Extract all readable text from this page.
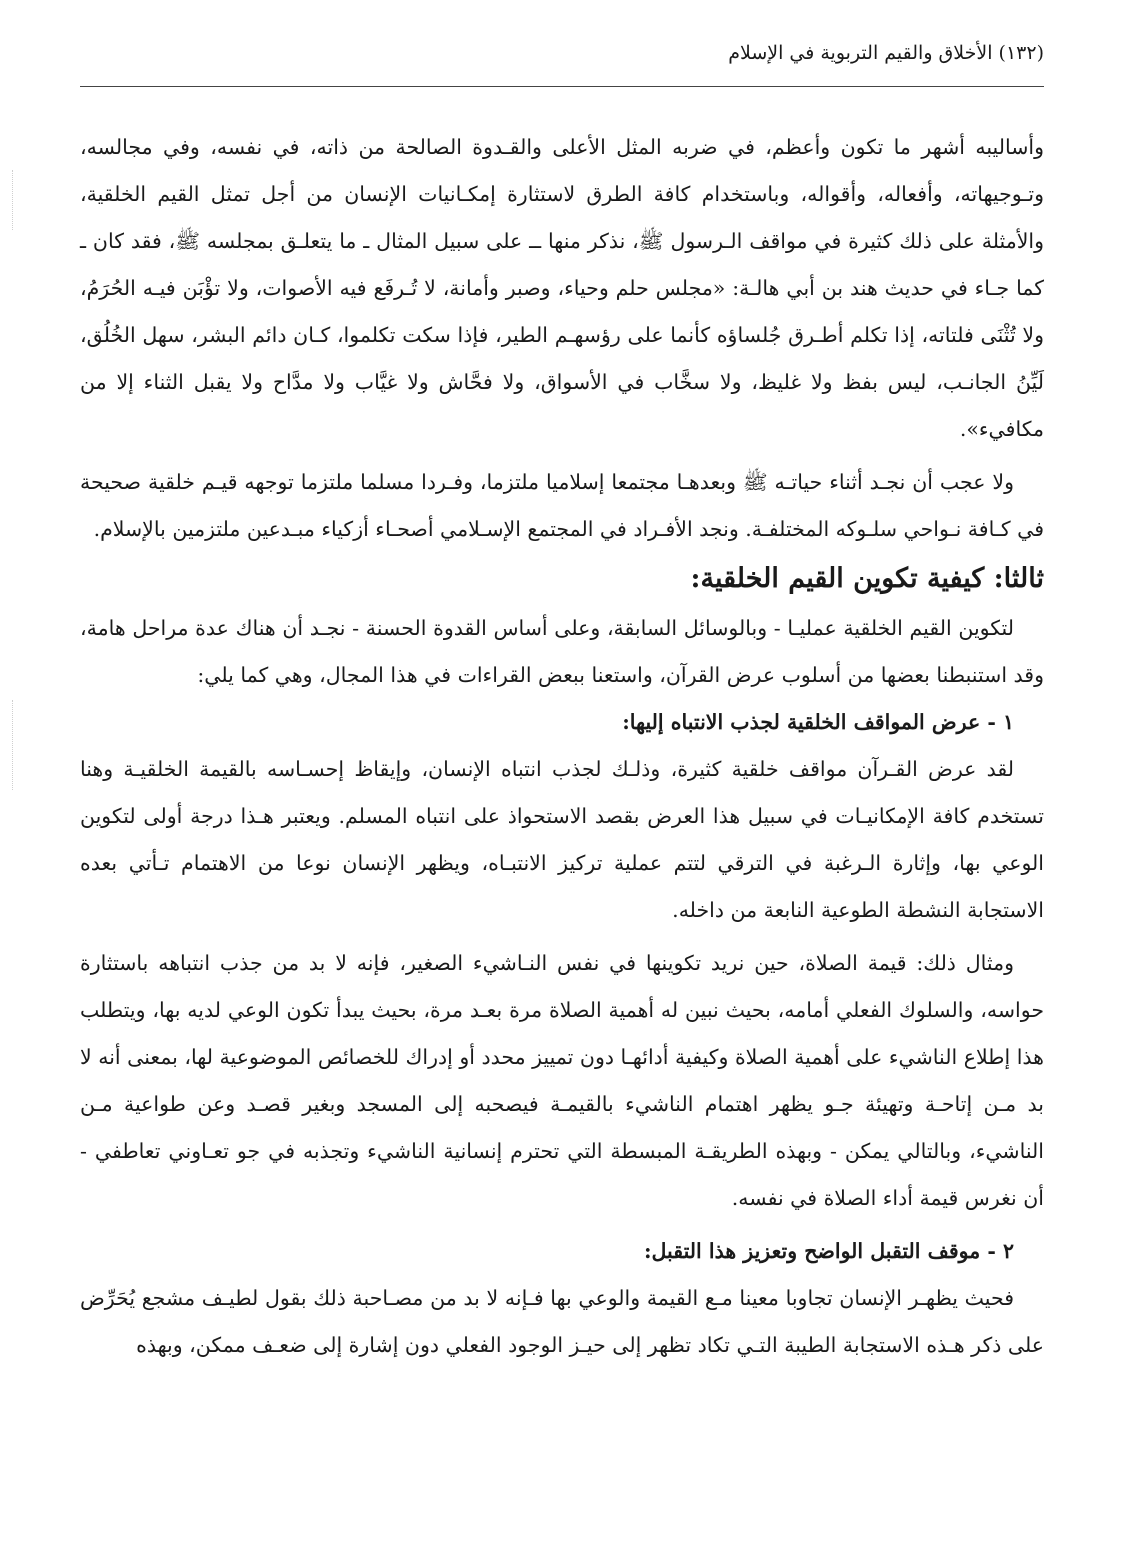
(١٣٢) الأخلاق والقيم التربوية في الإسلام

وأساليبه أشهر ما تكون وأعظم، في ضربه المثل الأعلى والقـدوة الصالحة من ذاته، في نفسه، وفي مجالسه، وتـوجيهاته، وأفعاله، وأقواله، وباستخدام كافة الطرق لاستثارة إمكـانيات الإنسان من أجل تمثل القيم الخلقية، والأمثلة على ذلك كثيرة في مواقف الـرسول ﷺ، نذكر منها ــ على سبيل المثال ـ ما يتعلـق بمجلسه ﷺ، فقد كان ـ كما جـاء في حديث هند بن أبي هالـة: «مجلس حلم وحياء، وصبر وأمانة، لا تُـرفَع فيه الأصوات، ولا تؤْبَن فيـه الحُرَمُ، ولا تُثْنَى فلتاته، إذا تكلم أطـرق جُلساؤه كأنما على رؤسهـم الطير، فإذا سكت تكلموا، كـان دائم البشر، سهل الخُلُق، لَيِّنُ الجانـب، ليس بفظ ولا غليظ، ولا سخَّاب في الأسواق، ولا فحَّاش ولا غيَّاب ولا مدَّاح ولا يقبل الثناء إلا من مكافيء».

ولا عجب أن نجـد أثناء حياتـه ﷺ وبعدهـا مجتمعا إسلاميا ملتزما، وفـردا مسلما ملتزما توجهه قيـم خلقية صحيحة في كـافة نـواحي سلـوكه المختلفـة. ونجد الأفـراد في المجتمع الإسـلامي أصحـاء أزكياء مبـدعين ملتزمين بالإسلام.

ثالثا: كيفية تكوين القيم الخلقية:

لتكوين القيم الخلقية عمليـا - وبالوسائل السابقة، وعلى أساس القدوة الحسنة - نجـد أن هناك عدة مراحل هامة، وقد استنبطنا بعضها من أسلوب عرض القرآن، واستعنا ببعض القراءات في هذا المجال، وهي كما يلي:

١ - عرض المواقف الخلقية لجذب الانتباه إليها:

لقد عرض القـرآن مواقف خلقية كثيرة، وذلـك لجذب انتباه الإنسان، وإيقاظ إحسـاسه بالقيمة الخلقيـة وهنا تستخدم كافة الإمكانيـات في سبيل هذا العرض بقصد الاستحواذ على انتباه المسلم. ويعتبر هـذا درجة أولى لتكوين الوعي بها، وإثارة الـرغبة في الترقي لتتم عملية تركيز الانتبـاه، ويظهر الإنسان نوعا من الاهتمام تـأتي بعده الاستجابة النشطة الطوعية النابعة من داخله.

ومثال ذلك: قيمة الصلاة، حين نريد تكوينها في نفس النـاشيء الصغير، فإنه لا بد من جذب انتباهه باستثارة حواسه، والسلوك الفعلي أمامه، بحيث نبين له أهمية الصلاة مرة بعـد مرة، بحيث يبدأ تكون الوعي لديه بها، ويتطلب هذا إطلاع الناشيء على أهمية الصلاة وكيفية أدائهـا دون تمييز محدد أو إدراك للخصائص الموضوعية لها، بمعنى أنه لا بد مـن إتاحـة وتهيئة جـو يظهر اهتمام الناشيء بالقيمـة فيصحبه إلى المسجد وبغير قصـد وعن طواعية مـن الناشيء، وبالتالي يمكن - وبهذه الطريقـة المبسطة التي تحترم إنسانية الناشيء وتجذبه في جو تعـاوني تعاطفي - أن نغرس قيمة أداء الصلاة في نفسه.

٢ - موقف التقبل الواضح وتعزيز هذا التقبل:

فحيث يظهـر الإنسان تجاوبا معينا مـع القيمة والوعي بها فـإنه لا بد من مصـاحبة ذلك بقول لطيـف مشجع يُحَرِّض على ذكر هـذه الاستجابة الطيبة التـي تكاد تظهر إلى حيـز الوجود الفعلي دون إشارة إلى ضعـف ممكن، وبهذه
